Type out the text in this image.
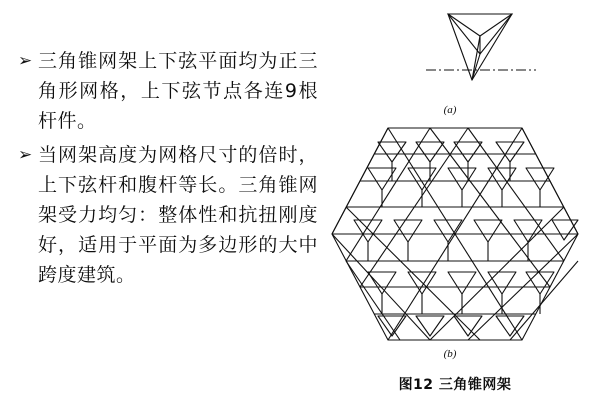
➢ 三角锥网架上下弦平面均为正三角形网格，上下弦节点各连9根杆件。
➢ 当网架高度为网格尺寸的倍时，上下弦杆和腹杆等长。三角锥网架受力均匀：整体性和抗扭刚度好，适用于平面为多边形的大中跨度建筑。
(a)
(b)
图12 三角锥网架
